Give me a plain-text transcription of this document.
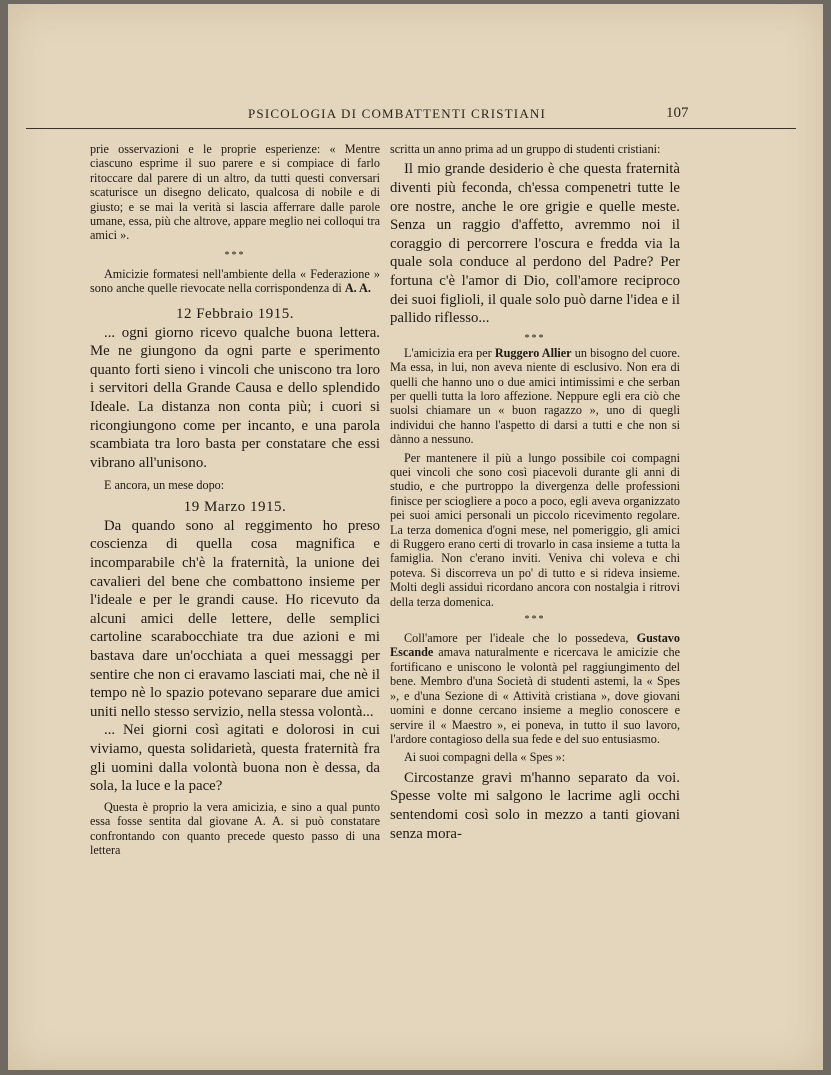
PSICOLOGIA DI COMBATTENTI CRISTIANI	107

prie osservazioni e le proprie esperienze: « Mentre ciascuno esprime il suo parere e si compiace di farlo ritoccare dal parere di un altro, da tutti questi conversari scaturisce un disegno delicato, qualcosa di nobile e di giusto; e se mai la verità si lascia afferrare dalle parole umane, essa, più che altrove, appare meglio nei colloqui tra amici ».

***

Amicizie formatesi nell'ambiente della « Federazione » sono anche quelle rievocate nella corrispondenza di A. A.

12 Febbraio 1915.

... ogni giorno ricevo qualche buona lettera. Me ne giungono da ogni parte e sperimento quanto forti sieno i vincoli che uniscono tra loro i servitori della Grande Causa e dello splendido Ideale. La distanza non conta più; i cuori si ricongiungono come per incanto, e una parola scambiata tra loro basta per constatare che essi vibrano all'unisono.

E ancora, un mese dopo:

19 Marzo 1915.

Da quando sono al reggimento ho preso coscienza di quella cosa magnifica e incomparabile ch'è la fraternità, la unione dei cavalieri del bene che combattono insieme per l'ideale e per le grandi cause. Ho ricevuto da alcuni amici delle lettere, delle semplici cartoline scarabocchiate tra due azioni e mi bastava dare un'occhiata a quei messaggi per sentire che non ci eravamo lasciati mai, che nè il tempo nè lo spazio potevano separare due amici uniti nello stesso servizio, nella stessa volontà...

... Nei giorni così agitati e dolorosi in cui viviamo, questa solidarietà, questa fraternità fra gli uomini dalla volontà buona non è dessa, da sola, la luce e la pace?

Questa è proprio la vera amicizia, e sino a qual punto essa fosse sentita dal giovane A. A. si può constatare confrontando con quanto precede questo passo di una lettera

scritta un anno prima ad un gruppo di studenti cristiani:

Il mio grande desiderio è che questa fraternità diventi più feconda, ch'essa compenetri tutte le ore nostre, anche le ore grigie e quelle meste. Senza un raggio d'affetto, avremmo noi il coraggio di percorrere l'oscura e fredda via la quale sola conduce al perdono del Padre? Per fortuna c'è l'amor di Dio, coll'amore reciproco dei suoi figlioli, il quale solo può darne l'idea e il pallido riflesso...

***

L'amicizia era per Ruggero Allier un bisogno del cuore. Ma essa, in lui, non aveva niente di esclusivo. Non era di quelli che hanno uno o due amici intimissimi e che serban per quelli tutta la loro affezione. Neppure egli era ciò che suolsi chiamare un « buon ragazzo », uno di quegli individui che hanno l'aspetto di darsi a tutti e che non si dànno a nessuno.

Per mantenere il più a lungo possibile coi compagni quei vincoli che sono così piacevoli durante gli anni di studio, e che purtroppo la divergenza delle professioni finisce per sciogliere a poco a poco, egli aveva organizzato pei suoi amici personali un piccolo ricevimento regolare. La terza domenica d'ogni mese, nel pomeriggio, gli amici di Ruggero erano certi di trovarlo in casa insieme a tutta la famiglia. Non c'erano inviti. Veniva chi voleva e chi poteva. Si discorreva un po' di tutto e si rideva insieme. Molti degli assidui ricordano ancora con nostalgia i ritrovi della terza domenica.

***

Coll'amore per l'ideale che lo possedeva, Gustavo Escande amava naturalmente e ricercava le amicizie che fortificano e uniscono le volontà pel raggiungimento del bene. Membro d'una Società di studenti astemi, la « Spes », e d'una Sezione di « Attività cristiana », dove giovani uomini e donne cercano insieme a meglio conoscere e servire il « Maestro », ei poneva, in tutto il suo lavoro, l'ardore contagioso della sua fede e del suo entusiasmo.

Ai suoi compagni della « Spes »:

Circostanze gravi m'hanno separato da voi. Spesse volte mi salgono le lacrime agli occhi sentendomi così solo in mezzo a tanti giovani senza mora-
